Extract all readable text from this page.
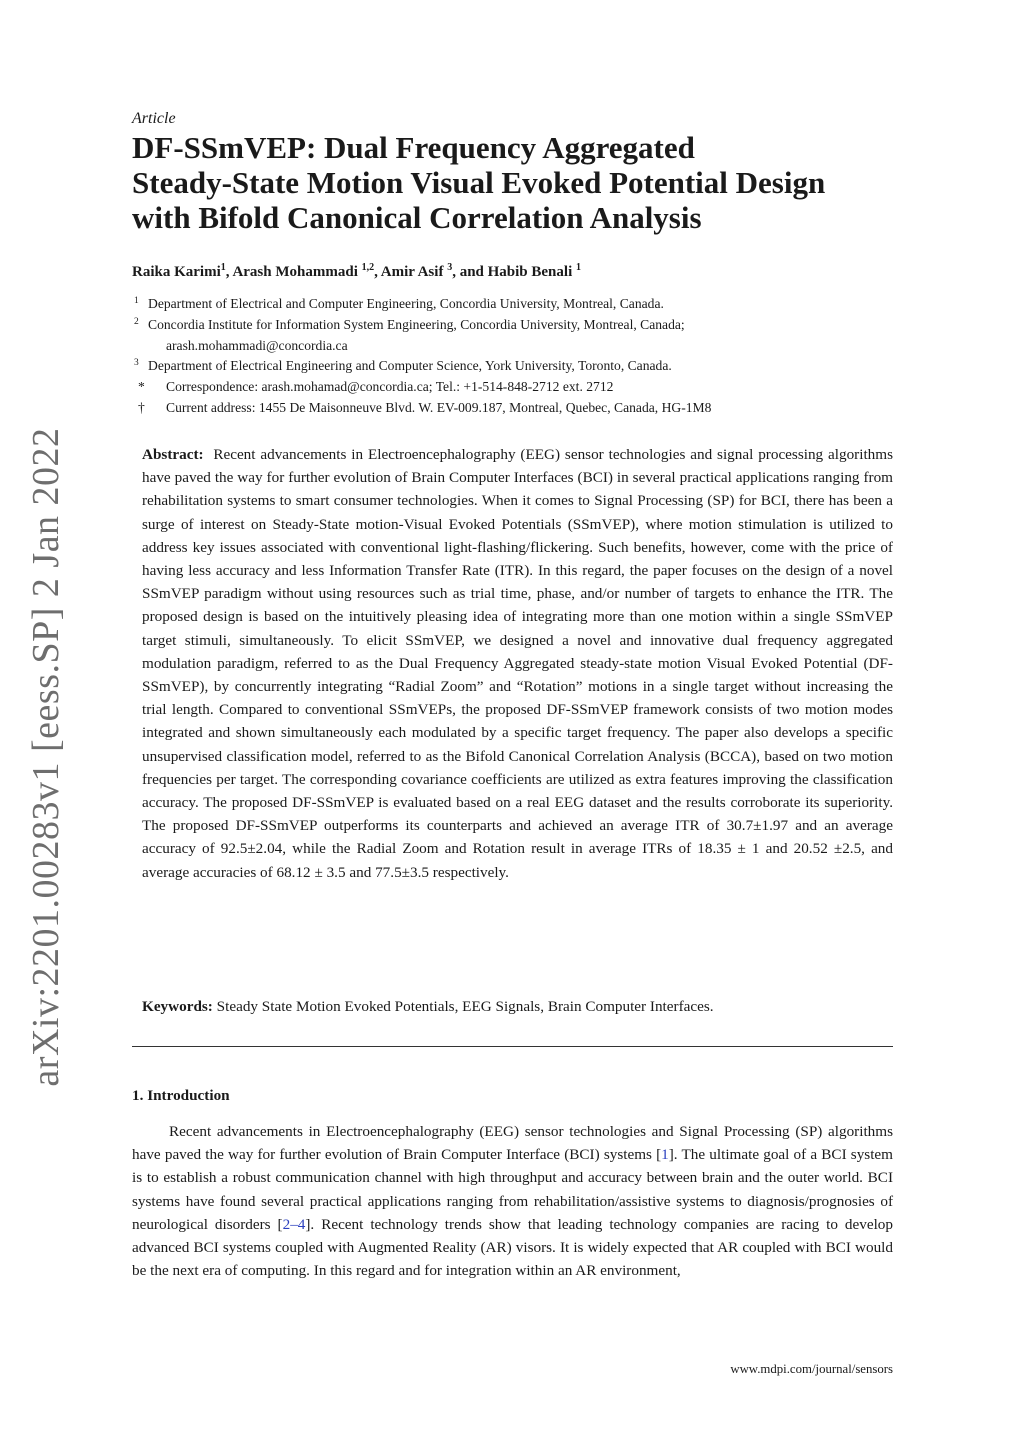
arXiv:2201.00283v1 [eess.SP] 2 Jan 2022
Article
DF-SSmVEP: Dual Frequency Aggregated
Steady-State Motion Visual Evoked Potential Design
with Bifold Canonical Correlation Analysis
Raika Karimi$^1$, Arash Mohammadi $^{1,2}$, Amir Asif $^3$, and Habib Benali $^1$
1 Department of Electrical and Computer Engineering, Concordia University, Montreal, Canada.
2 Concordia Institute for Information System Engineering, Concordia University, Montreal, Canada;
arash.mohammadi@concordia.ca
3 Department of Electrical Engineering and Computer Science, York University, Toronto, Canada.
* Correspondence: arash.mohamad@concordia.ca; Tel.: +1-514-848-2712 ext. 2712
† Current address: 1455 De Maisonneuve Blvd. W. EV-009.187, Montreal, Quebec, Canada, HG-1M8

Abstract: Recent advancements in Electroencephalography (EEG) sensor technologies and signal processing algorithms have paved the way for further evolution of Brain Computer Interfaces (BCI) in several practical applications ranging from rehabilitation systems to smart consumer technologies. When it comes to Signal Processing (SP) for BCI, there has been a surge of interest on Steady-State motion-Visual Evoked Potentials (SSmVEP), where motion stimulation is utilized to address key issues associated with conventional light-flashing/flickering. Such benefits, however, come with the price of having less accuracy and less Information Transfer Rate (ITR). In this regard, the paper focuses on the design of a novel SSmVEP paradigm without using resources such as trial time, phase, and/or number of targets to enhance the ITR. The proposed design is based on the intuitively pleasing idea of integrating more than one motion within a single SSmVEP target stimuli, simultaneously. To elicit SSmVEP, we designed a novel and innovative dual frequency aggregated modulation paradigm, referred to as the Dual Frequency Aggregated steady-state motion Visual Evoked Potential (DF-SSmVEP), by concurrently integrating “Radial Zoom” and “Rotation” motions in a single target without increasing the trial length. Compared to conventional SSmVEPs, the proposed DF-SSmVEP framework consists of two motion modes integrated and shown simultaneously each modulated by a specific target frequency. The paper also develops a specific unsupervised classification model, referred to as the Bifold Canonical Correlation Analysis (BCCA), based on two motion frequencies per target. The corresponding covariance coefficients are utilized as extra features improving the classification accuracy. The proposed DF-SSmVEP is evaluated based on a real EEG dataset and the results corroborate its superiority. The proposed DF-SSmVEP outperforms its counterparts and achieved an average ITR of 30.7±1.97 and an average accuracy of 92.5±2.04, while the Radial Zoom and Rotation result in average ITRs of 18.35 ± 1 and 20.52 ±2.5, and average accuracies of 68.12 ± 3.5 and 77.5±3.5 respectively.

Keywords: Steady State Motion Evoked Potentials, EEG Signals, Brain Computer Interfaces.
1. Introduction

Recent advancements in Electroencephalography (EEG) sensor technologies and Signal Processing (SP) algorithms have paved the way for further evolution of Brain Computer Interface (BCI) systems [1]. The ultimate goal of a BCI system is to establish a robust communication channel with high throughput and accuracy between brain and the outer world. BCI systems have found several practical applications ranging from rehabilitation/assistive systems to diagnosis/prognosies of neurological disorders [2–4]. Recent technology trends show that leading technology companies are racing to develop advanced BCI systems coupled with Augmented Reality (AR) visors. It is widely expected that AR coupled with BCI would be the next era of computing. In this regard and for integration within an AR environment,

www.mdpi.com/journal/sensors
